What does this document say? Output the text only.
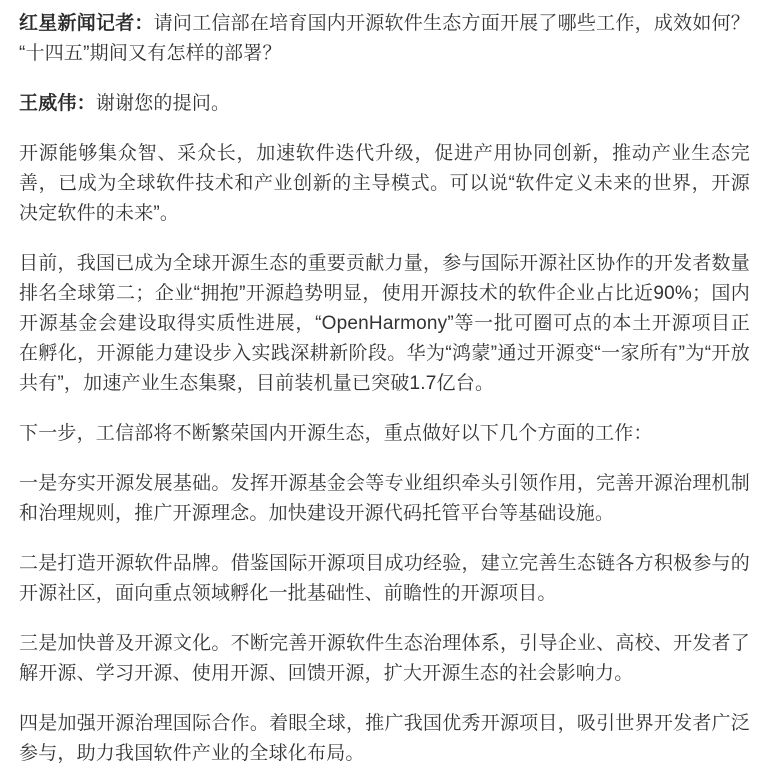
红星新闻记者：请问工信部在培育国内开源软件生态方面开展了哪些工作，成效如何？“十四五”期间又有怎样的部署？

王威伟：谢谢您的提问。

开源能够集众智、采众长，加速软件迭代升级，促进产用协同创新，推动产业生态完善，已成为全球软件技术和产业创新的主导模式。可以说“软件定义未来的世界，开源决定软件的未来”。

目前，我国已成为全球开源生态的重要贡献力量，参与国际开源社区协作的开发者数量排名全球第二；企业“拥抱”开源趋势明显，使用开源技术的软件企业占比近90%；国内开源基金会建设取得实质性进展，“OpenHarmony”等一批可圈可点的本土开源项目正在孵化，开源能力建设步入实践深耕新阶段。华为“鸿蒙”通过开源变“一家所有”为“开放共有”，加速产业生态集聚，目前装机量已突破1.7亿台。

下一步，工信部将不断繁荣国内开源生态，重点做好以下几个方面的工作：

一是夯实开源发展基础。发挥开源基金会等专业组织牵头引领作用，完善开源治理机制和治理规则，推广开源理念。加快建设开源代码托管平台等基础设施。

二是打造开源软件品牌。借鉴国际开源项目成功经验，建立完善生态链各方积极参与的开源社区，面向重点领域孵化一批基础性、前瞻性的开源项目。

三是加快普及开源文化。不断完善开源软件生态治理体系，引导企业、高校、开发者了解开源、学习开源、使用开源、回馈开源，扩大开源生态的社会影响力。

四是加强开源治理国际合作。着眼全球，推广我国优秀开源项目，吸引世界开发者广泛参与，助力我国软件产业的全球化布局。
